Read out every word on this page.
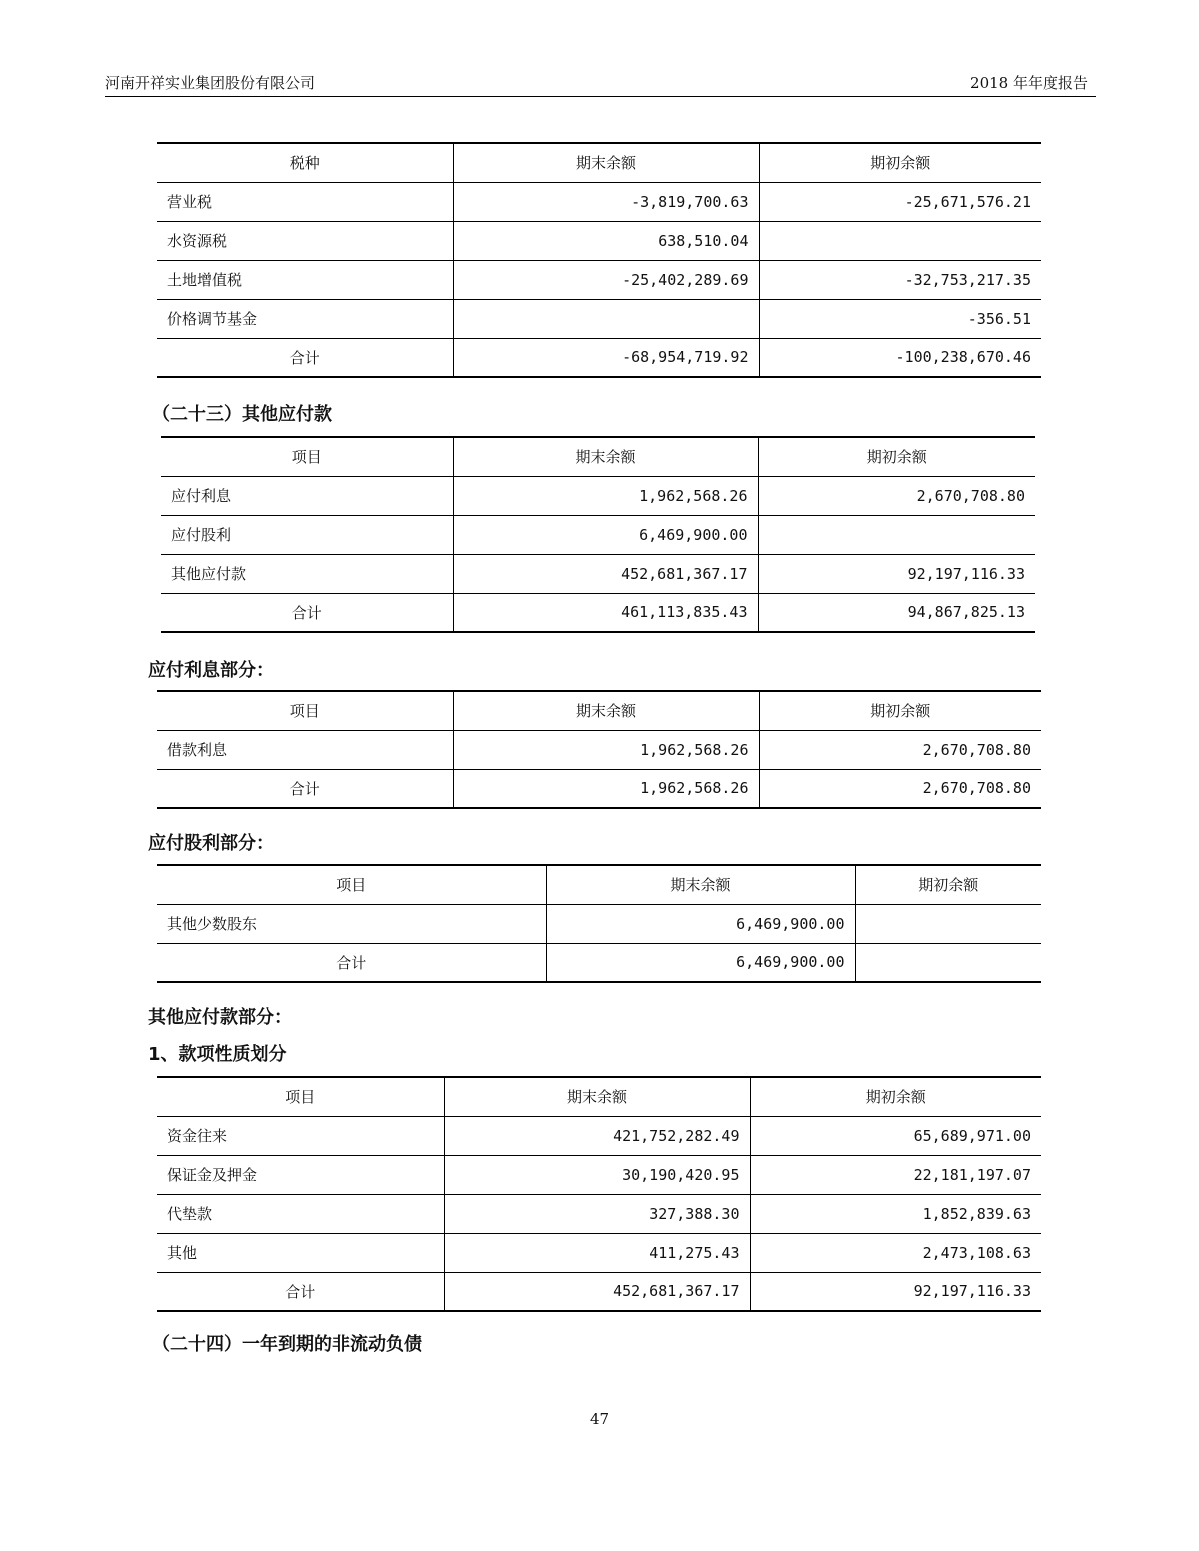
河南开祥实业集团股份有限公司	2018 年年度报告
税种	期末余额	期初余额
营业税	-3,819,700.63	-25,671,576.21
水资源税	638,510.04	
土地增值税	-25,402,289.69	-32,753,217.35
价格调节基金		-356.51
合计	-68,954,719.92	-100,238,670.46
（二十三）其他应付款
项目	期末余额	期初余额
应付利息	1,962,568.26	2,670,708.80
应付股利	6,469,900.00	
其他应付款	452,681,367.17	92,197,116.33
合计	461,113,835.43	94,867,825.13
应付利息部分：
项目	期末余额	期初余额
借款利息	1,962,568.26	2,670,708.80
合计	1,962,568.26	2,670,708.80
应付股利部分：
项目	期末余额	期初余额
其他少数股东	6,469,900.00	
合计	6,469,900.00	
其他应付款部分：
1、款项性质划分
项目	期末余额	期初余额
资金往来	421,752,282.49	65,689,971.00
保证金及押金	30,190,420.95	22,181,197.07
代垫款	327,388.30	1,852,839.63
其他	411,275.43	2,473,108.63
合计	452,681,367.17	92,197,116.33
（二十四）一年到期的非流动负债
47
